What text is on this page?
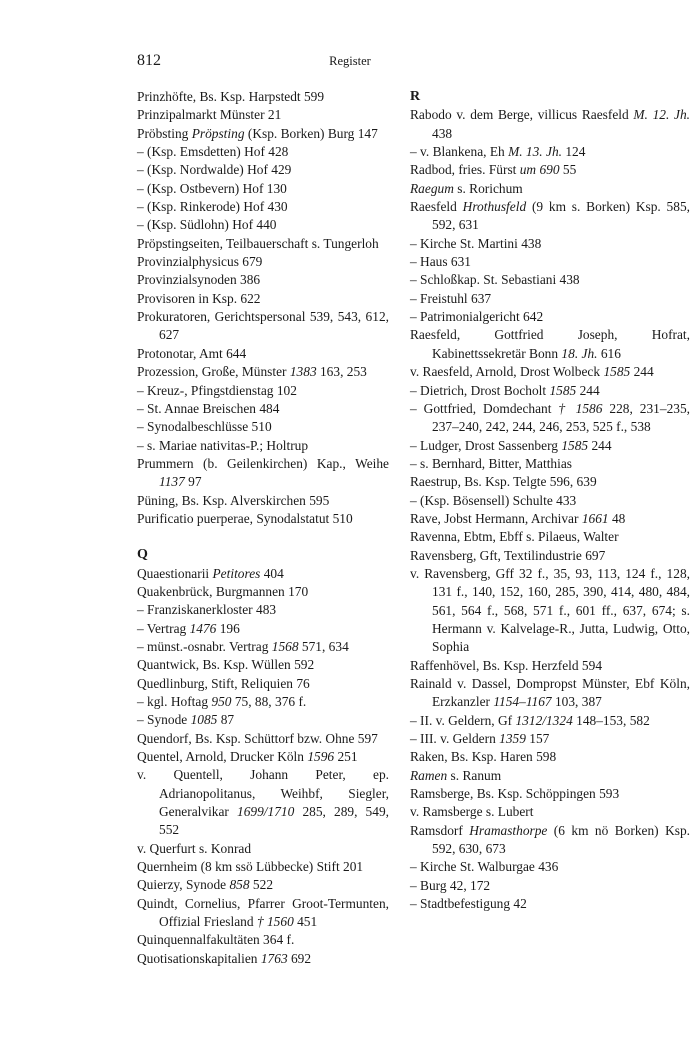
812	Register
Prinzhöfte, Bs. Ksp. Harpstedt 599
Prinzipalmarkt Münster 21
Pröbsting Pröpsting (Ksp. Borken) Burg 147
– (Ksp. Emsdetten) Hof 428
– (Ksp. Nordwalde) Hof 429
– (Ksp. Ostbevern) Hof 130
– (Ksp. Rinkerode) Hof 430
– (Ksp. Südlohn) Hof 440
Pröpstingseiten, Teilbauerschaft s. Tungerloh
Provinzialphysicus 679
Provinzialsynoden 386
Provisoren in Ksp. 622
Prokuratoren, Gerichtspersonal 539, 543, 612, 627
Protonotar, Amt 644
Prozession, Große, Münster 1383 163, 253
– Kreuz-, Pfingstdienstag 102
– St. Annae Breischen 484
– Synodalbeschlüsse 510
– s. Mariae nativitas-P.; Holtrup
Prummern (b. Geilenkirchen) Kap., Weihe 1137 97
Püning, Bs. Ksp. Alverskirchen 595
Purificatio puerperae, Synodalstatut 510
Q
Quaestionarii Petitores 404
Quakenbrück, Burgmannen 170
– Franziskanerkloster 483
– Vertrag 1476 196
– münst.-osnabr. Vertrag 1568 571, 634
Quantwick, Bs. Ksp. Wüllen 592
Quedlinburg, Stift, Reliquien 76
– kgl. Hoftag 950 75, 88, 376 f.
– Synode 1085 87
Quendorf, Bs. Ksp. Schüttorf bzw. Ohne 597
Quentel, Arnold, Drucker Köln 1596 251
v. Quentell, Johann Peter, ep. Adrianopolitanus, Weihbf, Siegler, Generalvikar 1699/1710 285, 289, 549, 552
v. Querfurt s. Konrad
Quernheim (8 km ssö Lübbecke) Stift 201
Quierzy, Synode 858 522
Quindt, Cornelius, Pfarrer Groot-Termunten, Offizial Friesland † 1560 451
Quinquennalfakultäten 364 f.
Quotisationskapitalien 1763 692
R
Rabodo v. dem Berge, villicus Raesfeld M. 12. Jh. 438
– v. Blankena, Eh M. 13. Jh. 124
Radbod, fries. Fürst um 690 55
Raegum s. Rorichum
Raesfeld Hrothusfeld (9 km s. Borken) Ksp. 585, 592, 631
– Kirche St. Martini 438
– Haus 631
– Schloßkap. St. Sebastiani 438
– Freistuhl 637
– Patrimonialgericht 642
Raesfeld, Gottfried Joseph, Hofrat, Kabinettssekretär Bonn 18. Jh. 616
v. Raesfeld, Arnold, Drost Wolbeck 1585 244
– Dietrich, Drost Bocholt 1585 244
– Gottfried, Domdechant † 1586 228, 231–235, 237–240, 242, 244, 246, 253, 525 f., 538
– Ludger, Drost Sassenberg 1585 244
– s. Bernhard, Bitter, Matthias
Raestrup, Bs. Ksp. Telgte 596, 639
– (Ksp. Bösensell) Schulte 433
Rave, Jobst Hermann, Archivar 1661 48
Ravenna, Ebtm, Ebff s. Pilaeus, Walter
Ravensberg, Gft, Textilindustrie 697
v. Ravensberg, Gff 32 f., 35, 93, 113, 124 f., 128, 131 f., 140, 152, 160, 285, 390, 414, 480, 484, 561, 564 f., 568, 571 f., 601 ff., 637, 674; s. Hermann v. Kalvelage-R., Jutta, Ludwig, Otto, Sophia
Raffenhövel, Bs. Ksp. Herzfeld 594
Rainald v. Dassel, Dompropst Münster, Ebf Köln, Erzkanzler 1154–1167 103, 387
– II. v. Geldern, Gf 1312/1324 148–153, 582
– III. v. Geldern 1359 157
Raken, Bs. Ksp. Haren 598
Ramen s. Ranum
Ramsberge, Bs. Ksp. Schöppingen 593
v. Ramsberge s. Lubert
Ramsdorf Hramasthorpe (6 km nö Borken) Ksp. 592, 630, 673
– Kirche St. Walburgae 436
– Burg 42, 172
– Stadtbefestigung 42
